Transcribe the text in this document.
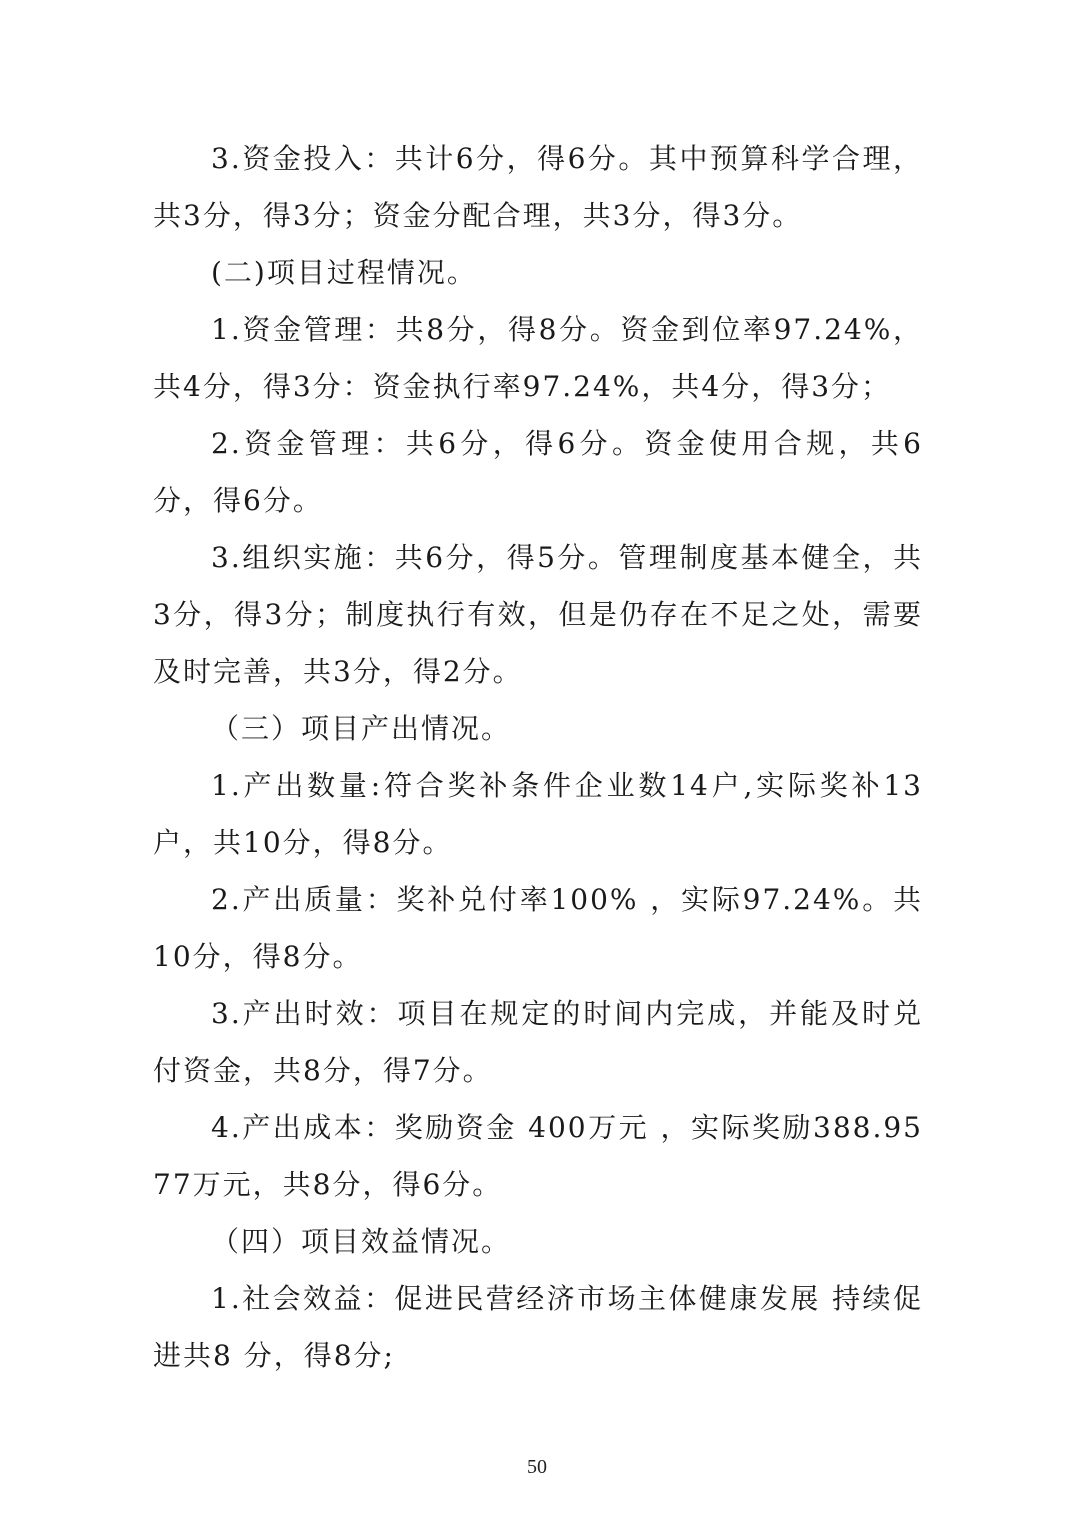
3.资金投入：共计6分，得6分。其中预算科学合理，共3分，得3分；资金分配合理，共3分，得3分。

(二)项目过程情况。

1.资金管理：共8分，得8分。资金到位率97.24%，共4分，得3分：资金执行率97.24%，共4分，得3分；

2.资金管理：共6分，得6分。资金使用合规，共6分，得6分。

3.组织实施：共6分，得5分。管理制度基本健全，共3分，得3分；制度执行有效，但是仍存在不足之处，需要及时完善，共3分，得2分。

（三）项目产出情况。

1.产出数量:符合奖补条件企业数14户,实际奖补13户，共10分，得8分。

2.产出质量：奖补兑付率100% ，实际97.24%。共10分，得8分。

3.产出时效：项目在规定的时间内完成，并能及时兑付资金，共8分，得7分。

4.产出成本：奖励资金 400万元 ，实际奖励388.9577万元，共8分，得6分。

（四）项目效益情况。

1.社会效益：促进民营经济市场主体健康发展 持续促进共8 分，得8分;

50
